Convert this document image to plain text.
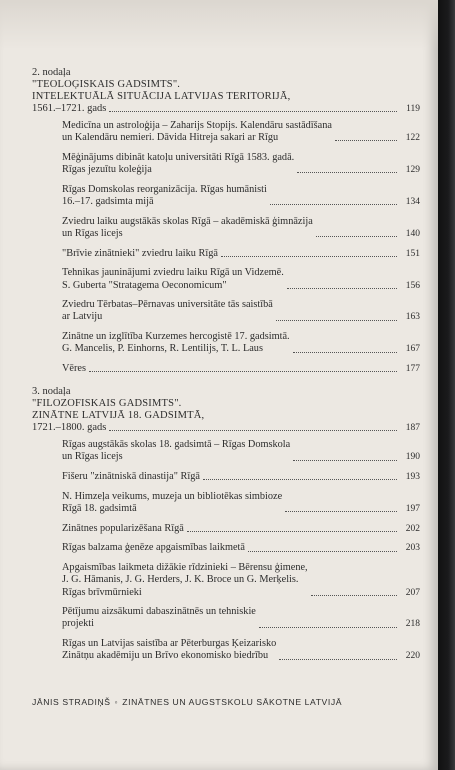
2. nodaļa

"TEOLOĢISKAIS GADSIMTS".

INTELEKTUĀLĀ SITUĀCIJA LATVIJAS TERITORIJĀ,

1561.–1721. gads	119
Medicīna un astroloģija – Zaharijs Stopijs. Kalendāru sastādīšana
un Kalendāru nemieri. Dāvida Hitreja sakari ar Rīgu	122
Mēģinājums dibināt katoļu universitāti Rīgā 1583. gadā.
Rīgas jezuītu koleģija	129
Rīgas Domskolas reorganizācija. Rīgas humānisti
16.–17. gadsimta mijā	134
Zviedru laiku augstākās skolas Rīgā – akadēmiskā ģimnāzija
un Rīgas licejs	140
"Brīvie zinātnieki" zviedru laiku Rīgā	151
Tehnikas jauninājumi zviedru laiku Rīgā un Vidzemē.
S. Guberta "Stratagema Oeconomicum"	156
Zviedru Tērbatas–Pērnavas universitāte tās saistībā
ar Latviju	163
Zinātne un izglītība Kurzemes hercogistē 17. gadsimtā.
G. Mancelis, P. Einhorns, R. Lentilijs, T. L. Laus	167
Vēres	177

3. nodaļa

"FILOZOFISKAIS GADSIMTS".

ZINĀTNE LATVIJĀ 18. GADSIMTĀ,

1721.–1800. gads	187
Rīgas augstākās skolas 18. gadsimtā – Rīgas Domskola
un Rīgas licejs	190
Fišeru "zinātniskā dinastija" Rīgā	193
N. Himzeļa veikums, muzeja un bibliotēkas simbioze
Rīgā 18. gadsimtā	197
Zinātnes popularizēšana Rīgā	202
Rīgas balzama ģenēze apgaismības laikmetā	203
Apgaismības laikmeta dižākie rīdzinieki – Bērensu ģimene,
J. G. Hāmanis, J. G. Herders, J. K. Broce un G. Merķelis.
Rīgas brīvmūrnieki	207
Pētījumu aizsākumi dabaszinātnēs un tehniskie
projekti	218
Rīgas un Latvijas saistība ar Pēterburgas Ķeizarisko
Zinātņu akadēmiju un Brīvo ekonomisko biedrību	220
JĀNIS STRADIŅŠ ◦ ZINĀTNES UN AUGSTSKOLU SĀKOTNE LATVIJĀ
